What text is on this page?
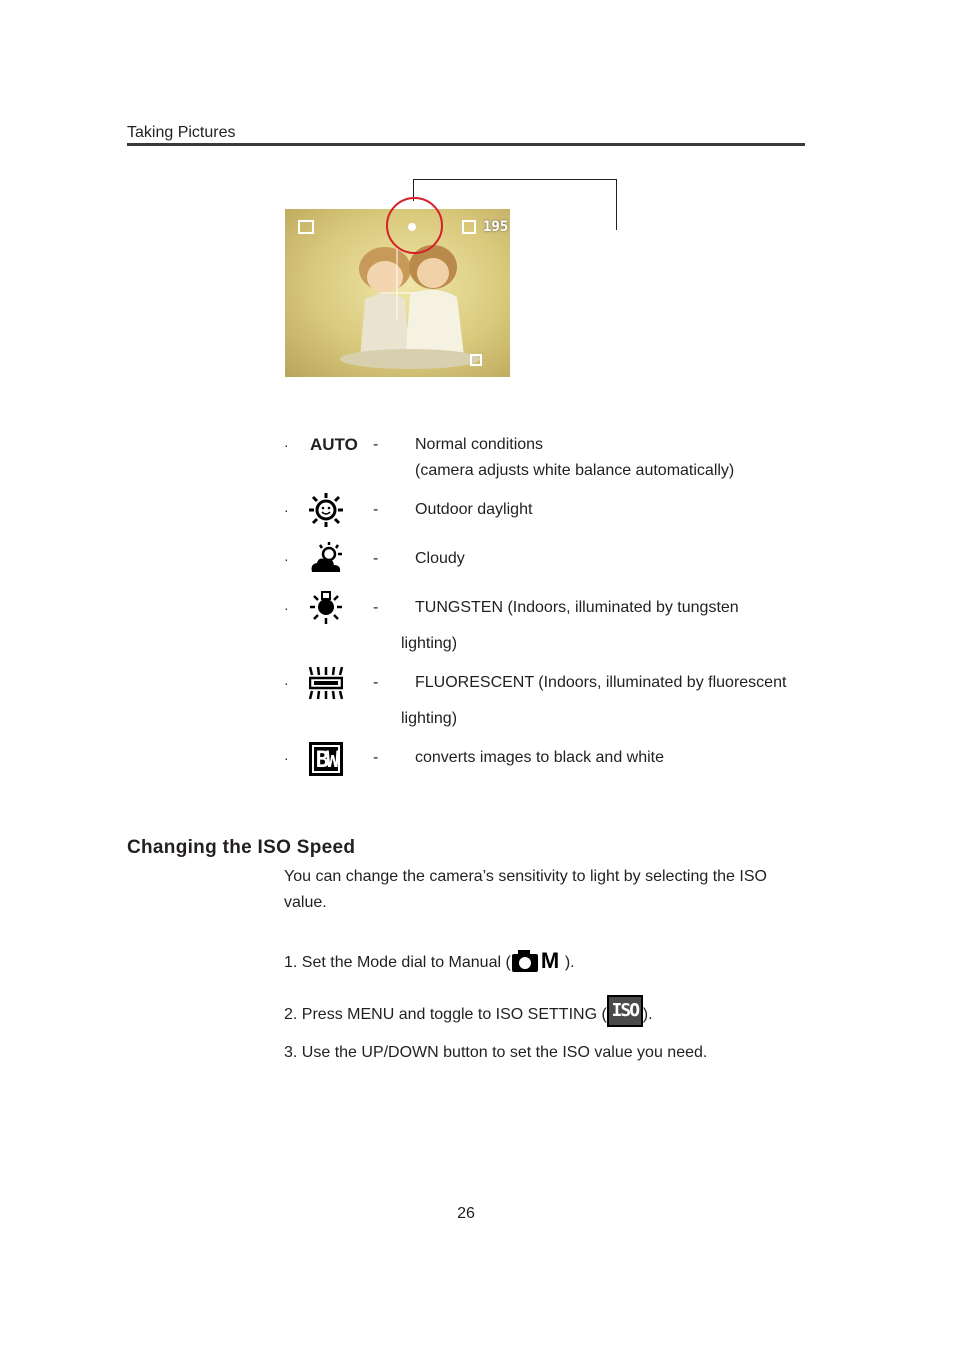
Taking Pictures
195
· AUTO - Normal conditions
(camera adjusts white balance automatically)
·	- Outdoor daylight
·	- Cloudy
·	- TUNGSTEN (Indoors, illuminated by tungsten
lighting)
·	- FLUORESCENT (Indoors, illuminated by fluorescent
lighting)
·	BW	- converts images to black and white
Changing the ISO Speed
You can change the camera’s sensitivity to light by selecting the ISO value.
1. Set the Mode dial to Manual ( M ).
2. Press MENU and toggle to ISO SETTING ( ISO ).
3. Use the UP/DOWN button to set the ISO value you need.
26
